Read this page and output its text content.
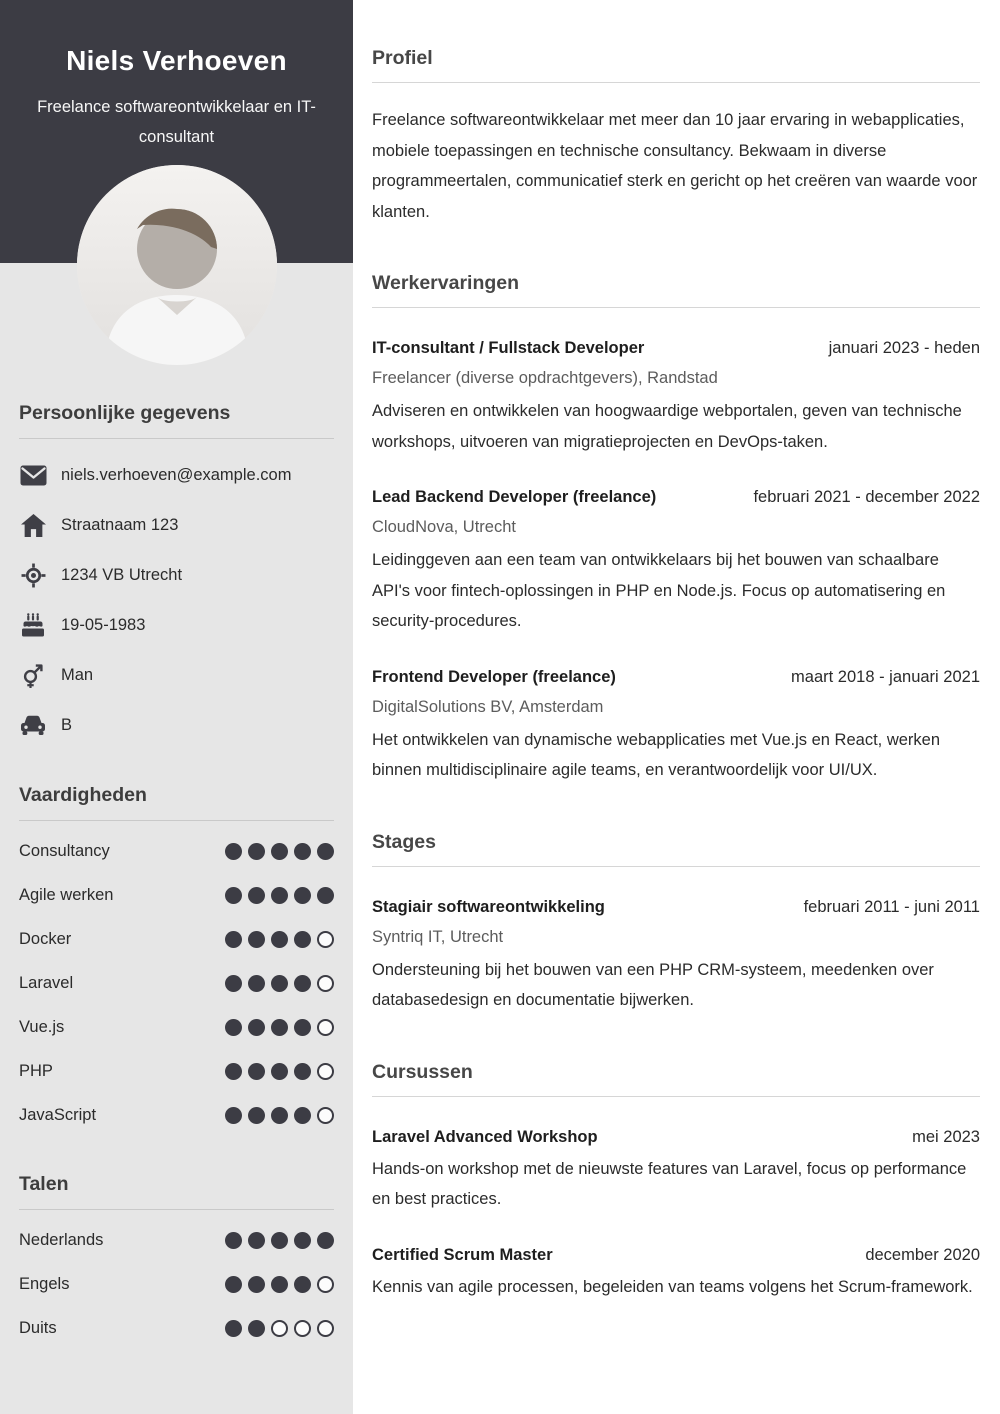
Niels Verhoeven
Freelance softwareontwikkelaar en IT-consultant
Persoonlijke gegevens
niels.verhoeven@example.com
Straatnaam 123
1234 VB Utrecht
19-05-1983
Man
B
Vaardigheden
Consultancy
Agile werken
Docker
Laravel
Vue.js
PHP
JavaScript
Talen
Nederlands
Engels
Duits
Profiel

Freelance softwareontwikkelaar met meer dan 10 jaar ervaring in webapplicaties, mobiele toepassingen en technische consultancy. Bekwaam in diverse programmeertalen, communicatief sterk en gericht op het creëren van waarde voor klanten.

Werkervaringen
IT-consultant / Fullstack Developer	januari 2023 - heden
Freelancer (diverse opdrachtgevers), Randstad

Adviseren en ontwikkelen van hoogwaardige webportalen, geven van technische workshops, uitvoeren van migratieprojecten en DevOps-taken.

Lead Backend Developer (freelance)	februari 2021 - december 2022
CloudNova, Utrecht

Leidinggeven aan een team van ontwikkelaars bij het bouwen van schaalbare API's voor fintech-oplossingen in PHP en Node.js. Focus op automatisering en security-procedures.

Frontend Developer (freelance)	maart 2018 - januari 2021
DigitalSolutions BV, Amsterdam

Het ontwikkelen van dynamische webapplicaties met Vue.js en React, werken binnen multidisciplinaire agile teams, en verantwoordelijk voor UI/UX.

Stages
Stagiair softwareontwikkeling	februari 2011 - juni 2011
Syntriq IT, Utrecht

Ondersteuning bij het bouwen van een PHP CRM-systeem, meedenken over databasedesign en documentatie bijwerken.

Cursussen
Laravel Advanced Workshop	mei 2023

Hands-on workshop met de nieuwste features van Laravel, focus op performance en best practices.

Certified Scrum Master	december 2020

Kennis van agile processen, begeleiden van teams volgens het Scrum-framework.
